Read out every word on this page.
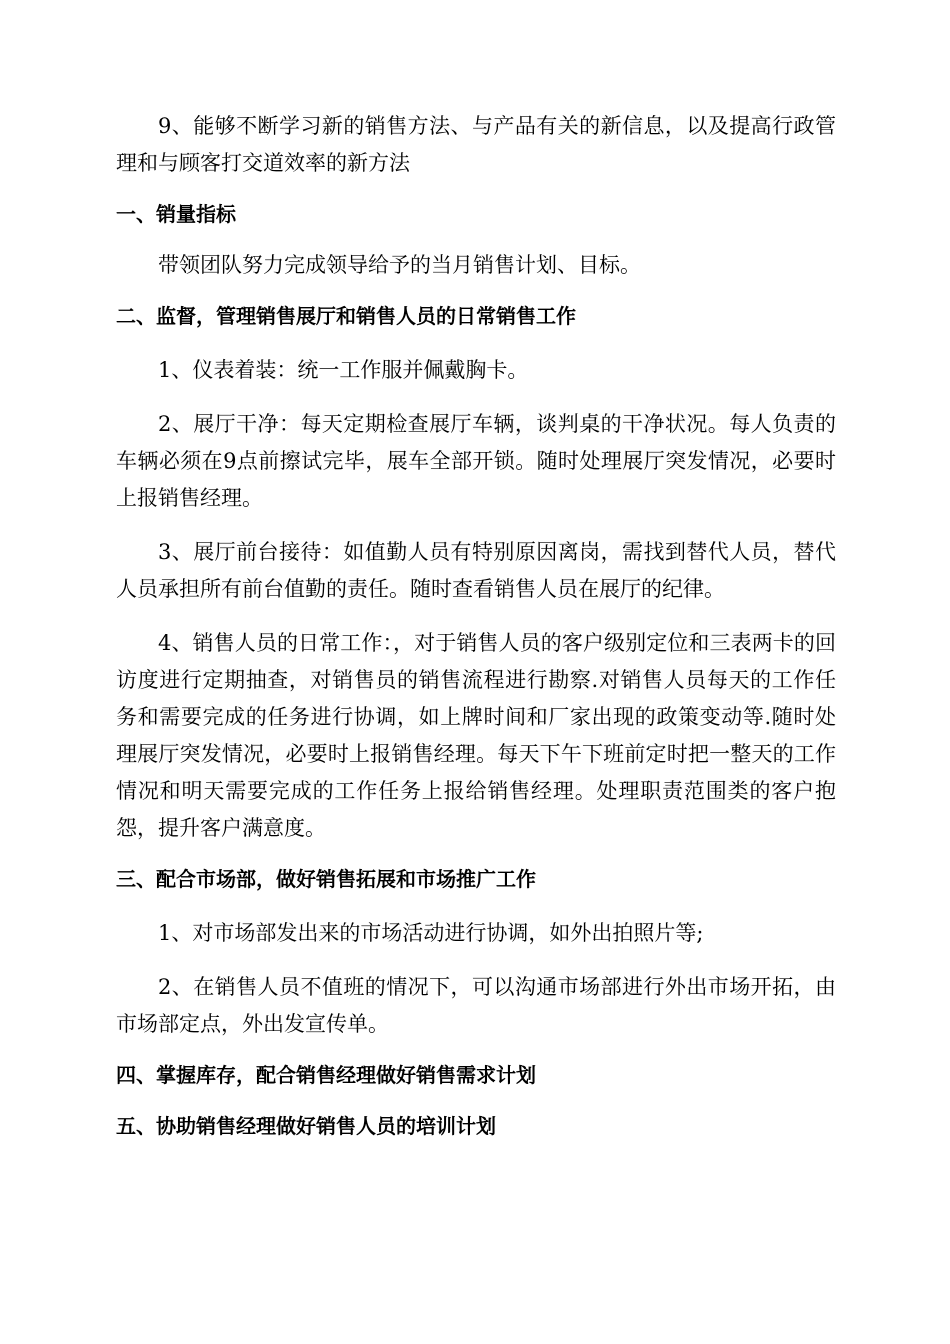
9、能够不断学习新的销售方法、与产品有关的新信息，以及提高行政管理和与顾客打交道效率的新方法

一、销量指标

带领团队努力完成领导给予的当月销售计划、目标。

二、监督，管理销售展厅和销售人员的日常销售工作

1、仪表着装：统一工作服并佩戴胸卡。

2、展厅干净：每天定期检查展厅车辆，谈判桌的干净状况。每人负责的车辆必须在9点前擦试完毕，展车全部开锁。随时处理展厅突发情况，必要时上报销售经理。

3、展厅前台接待：如值勤人员有特别原因离岗，需找到替代人员，替代人员承担所有前台值勤的责任。随时查看销售人员在展厅的纪律。

4、销售人员的日常工作：，对于销售人员的客户级别定位和三表两卡的回访度进行定期抽查，对销售员的销售流程进行勘察.对销售人员每天的工作任务和需要完成的任务进行协调，如上牌时间和厂家出现的政策变动等.随时处理展厅突发情况，必要时上报销售经理。每天下午下班前定时把一整天的工作情况和明天需要完成的工作任务上报给销售经理。处理职责范围类的客户抱怨，提升客户满意度。

三、配合市场部，做好销售拓展和市场推广工作

1、对市场部发出来的市场活动进行协调，如外出拍照片等;

2、在销售人员不值班的情况下，可以沟通市场部进行外出市场开拓，由市场部定点，外出发宣传单。

四、掌握库存，配合销售经理做好销售需求计划
五、协助销售经理做好销售人员的培训计划
